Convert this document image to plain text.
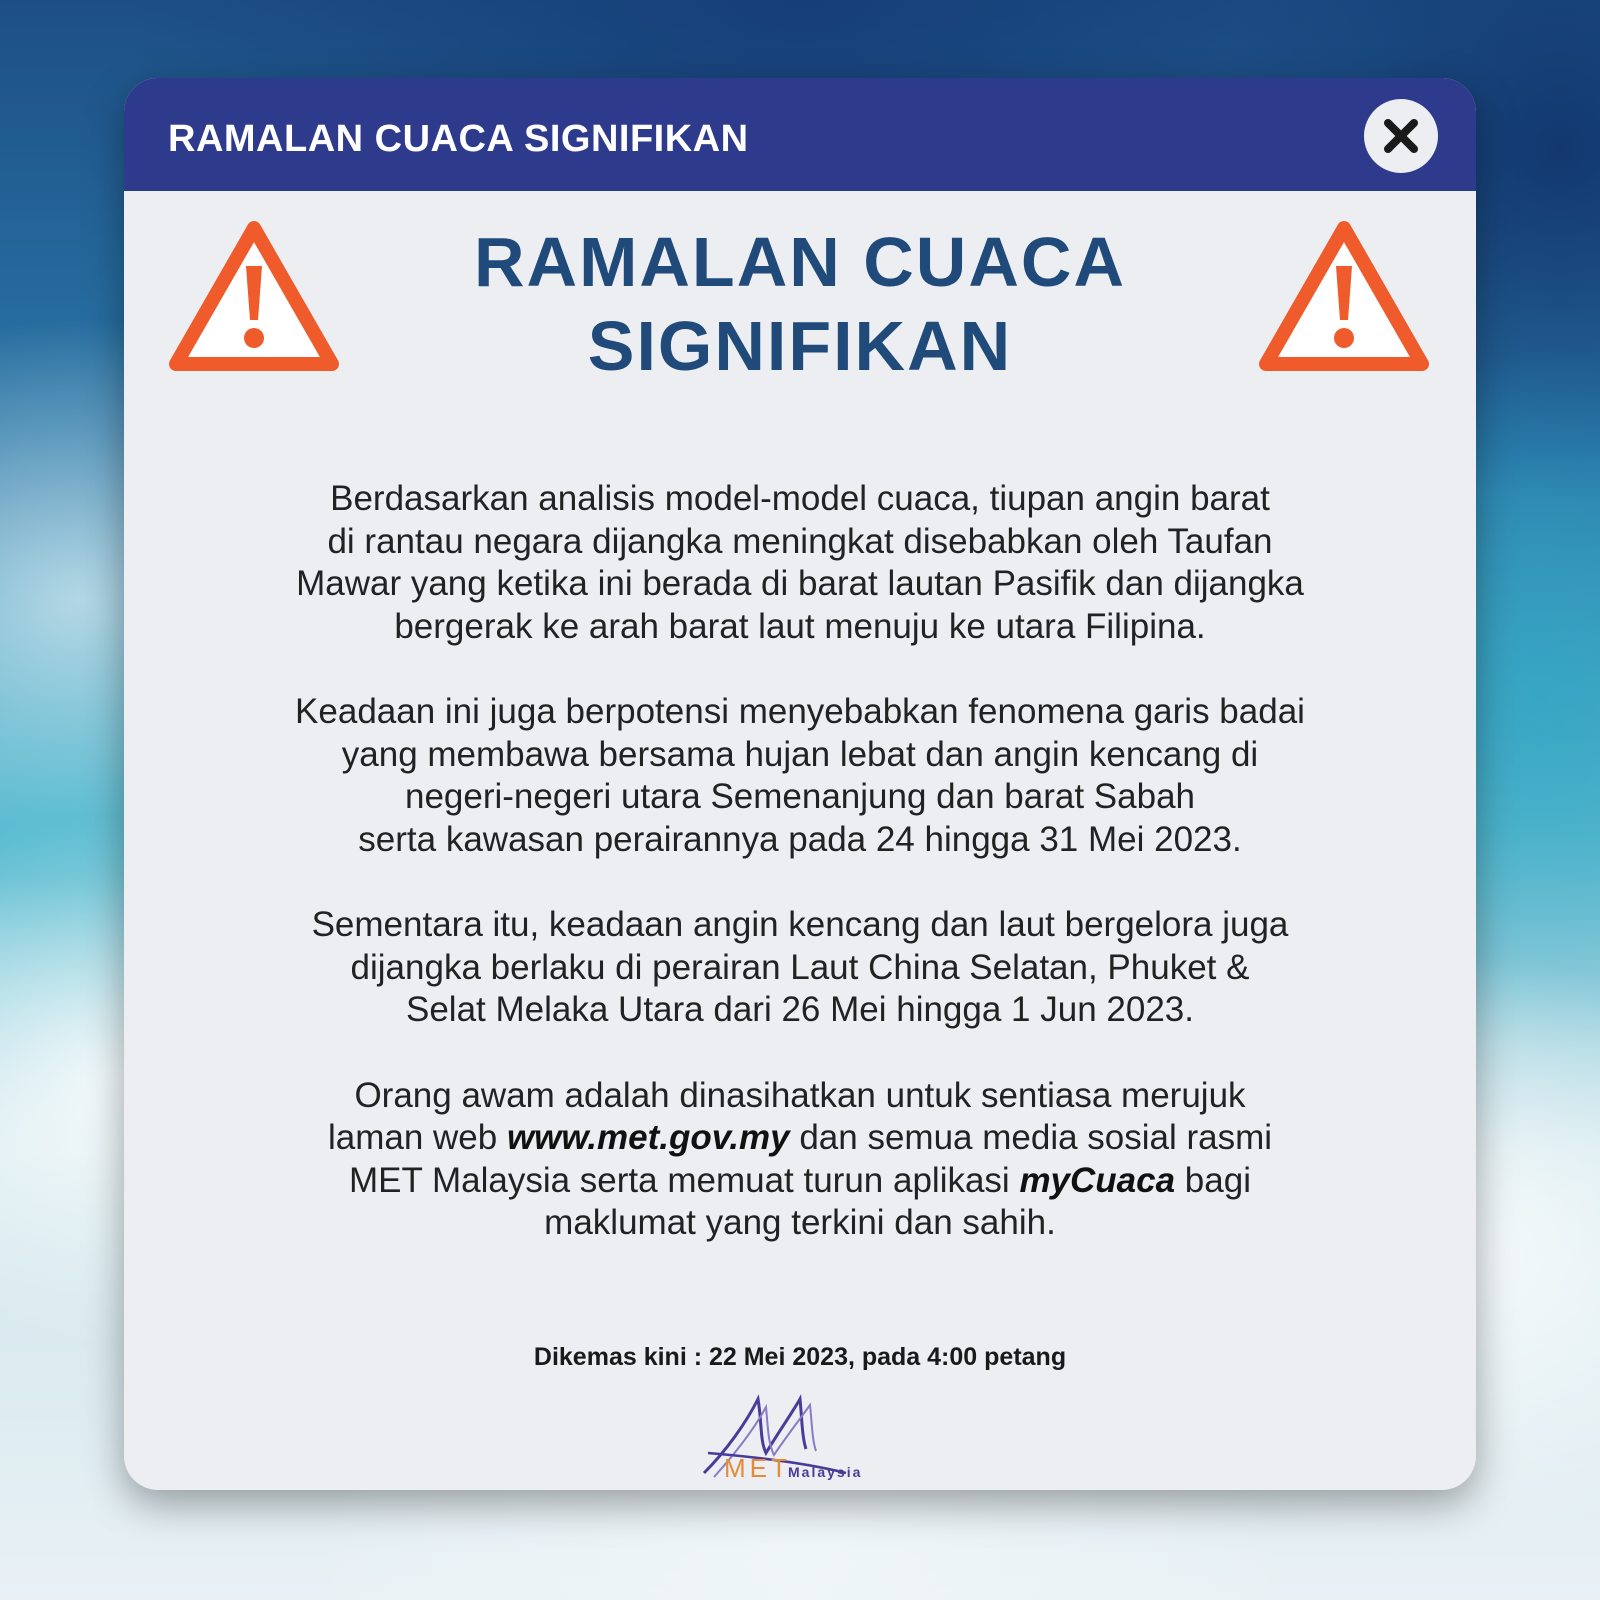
RAMALAN CUACA SIGNIFIKAN
RAMALAN CUACA
SIGNIFIKAN
Berdasarkan analisis model-model cuaca, tiupan angin barat
di rantau negara dijangka meningkat disebabkan oleh Taufan
Mawar yang ketika ini berada di barat lautan Pasifik dan dijangka
bergerak ke arah barat laut menuju ke utara Filipina.
Keadaan ini juga berpotensi menyebabkan fenomena garis badai
yang membawa bersama hujan lebat dan angin kencang di
negeri-negeri utara Semenanjung dan barat Sabah
serta kawasan perairannya pada 24 hingga 31 Mei 2023.
Sementara itu, keadaan angin kencang dan laut bergelora juga
dijangka berlaku di perairan Laut China Selatan, Phuket &
Selat Melaka Utara dari 26 Mei hingga 1 Jun 2023.
Orang awam adalah dinasihatkan untuk sentiasa merujuk
laman web www.met.gov.my dan semua media sosial rasmi
MET Malaysia serta memuat turun aplikasi myCuaca bagi
maklumat yang terkini dan sahih.
Dikemas kini : 22 Mei 2023, pada 4:00 petang
MET
Malaysia
